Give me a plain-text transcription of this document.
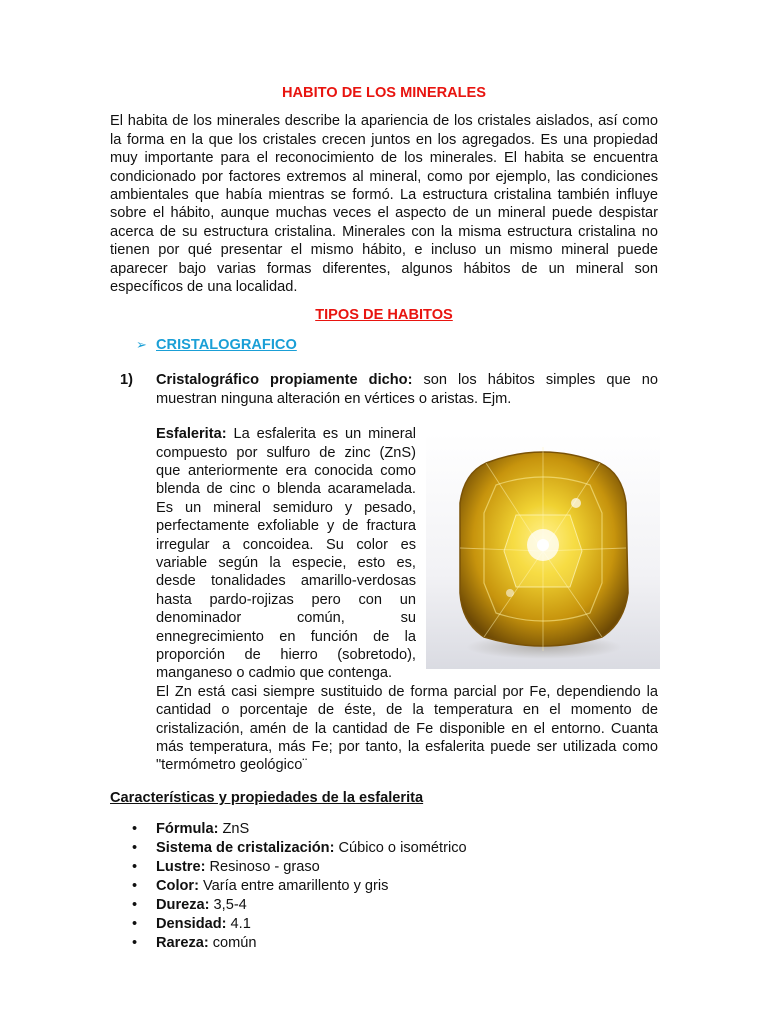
HABITO DE LOS MINERALES

El habita de los minerales describe la apariencia de los cristales aislados, así como la forma en la que los cristales crecen juntos en los agregados. Es una propiedad muy importante para el reconocimiento de los minerales. El habita se encuentra condicionado por factores extremos al mineral, como por ejemplo, las condiciones ambientales que había mientras se formó. La estructura cristalina también influye sobre el hábito, aunque muchas veces el aspecto de un mineral puede despistar acerca de su estructura cristalina. Minerales con la misma estructura cristalina no tienen por qué presentar el mismo hábito, e incluso un mismo mineral puede aparecer bajo varias formas diferentes, algunos hábitos de un mineral son específicos de una localidad.

TIPOS DE HABITOS

➢ CRISTALOGRAFICO
1)	Cristalográfico propiamente dicho: son los hábitos simples que no muestran ninguna alteración en vértices o aristas. Ejm.
Esfalerita: La esfalerita es un mineral compuesto por sulfuro de zinc (ZnS) que anteriormente era conocida como blenda de cinc o blenda acaramelada. Es un mineral semiduro y pesado, perfectamente exfoliable y de fractura irregular a concoidea. Su color es variable según la especie, esto es, desde tonalidades amarillo-verdosas hasta pardo-rojizas pero con un denominador común, su ennegrecimiento en función de la proporción de hierro (sobretodo), manganeso o cadmio que contenga.
El Zn está casi siempre sustituido de forma parcial por Fe, dependiendo la cantidad o porcentaje de éste, de la temperatura en el momento de cristalización, amén de la cantidad de Fe disponible en el entorno. Cuanta más temperatura, más Fe; por tanto, la esfalerita puede ser utilizada como "termómetro geológico¨

Características y propiedades de la esfalerita

•	Fórmula: ZnS
•	Sistema de cristalización: Cúbico o isométrico
•	Lustre: Resinoso - graso
•	Color: Varía entre amarillento y gris
•	Dureza: 3,5-4
•	Densidad: 4.1
•	Rareza: común
